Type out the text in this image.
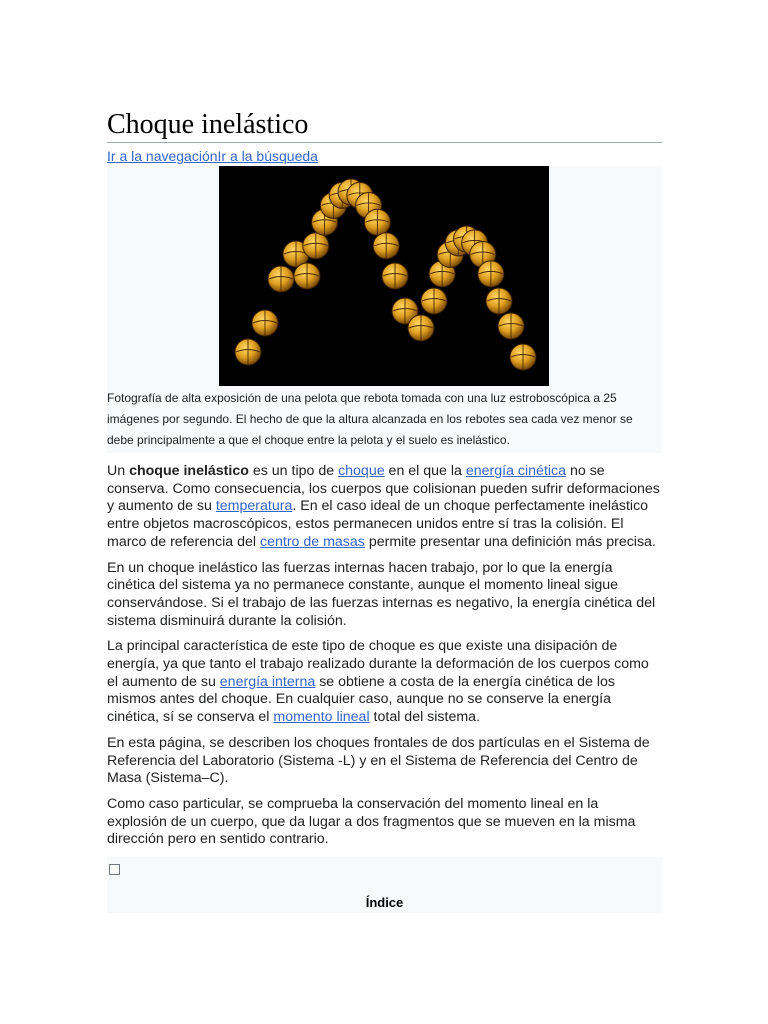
Choque inelástico
Ir a la navegaciónIr a la búsqueda
Fotografía de alta exposición de una pelota que rebota tomada con una luz estroboscópica a 25 imágenes por segundo. El hecho de que la altura alcanzada en los rebotes sea cada vez menor se debe principalmente a que el choque entre la pelota y el suelo es inelástico.

Un choque inelástico es un tipo de choque en el que la energía cinética no se conserva. Como consecuencia, los cuerpos que colisionan pueden sufrir deformaciones y aumento de su temperatura. En el caso ideal de un choque perfectamente inelástico entre objetos macroscópicos, estos permanecen unidos entre sí tras la colisión. El marco de referencia del centro de masas permite presentar una definición más precisa.

En un choque inelástico las fuerzas internas hacen trabajo, por lo que la energía cinética del sistema ya no permanece constante, aunque el momento lineal sigue conservándose. Si el trabajo de las fuerzas internas es negativo, la energía cinética del sistema disminuirá durante la colisión.

La principal característica de este tipo de choque es que existe una disipación de energía, ya que tanto el trabajo realizado durante la deformación de los cuerpos como el aumento de su energía interna se obtiene a costa de la energía cinética de los mismos antes del choque. En cualquier caso, aunque no se conserve la energía cinética, sí se conserva el momento lineal total del sistema.

En esta página, se describen los choques frontales de dos partículas en el Sistema de Referencia del Laboratorio (Sistema -L) y en el Sistema de Referencia del Centro de Masa (Sistema–C).

Como caso particular, se comprueba la conservación del momento lineal en la explosión de un cuerpo, que da lugar a dos fragmentos que se mueven en la misma dirección pero en sentido contrario.

Índice
